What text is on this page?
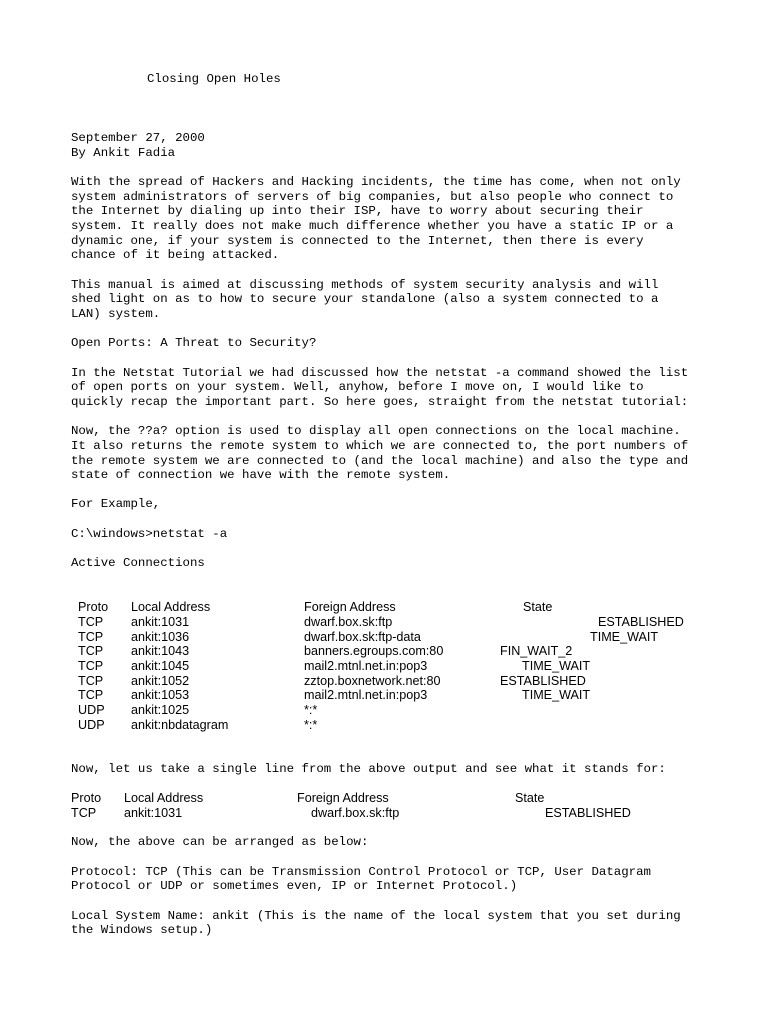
Closing Open Holes
September 27, 2000
By Ankit Fadia
With the spread of Hackers and Hacking incidents, the time has come, when not only
system administrators of servers of big companies, but also people who connect to
the Internet by dialing up into their ISP, have to worry about securing their
system. It really does not make much difference whether you have a static IP or a
dynamic one, if your system is connected to the Internet, then there is every
chance of it being attacked.
This manual is aimed at discussing methods of system security analysis and will
shed light on as to how to secure your standalone (also a system connected to a
LAN) system.
Open Ports: A Threat to Security?
In the Netstat Tutorial we had discussed how the netstat -a command showed the list
of open ports on your system. Well, anyhow, before I move on, I would like to
quickly recap the important part. So here goes, straight from the netstat tutorial:
Now, the ??a? option is used to display all open connections on the local machine.
It also returns the remote system to which we are connected to, the port numbers of
the remote system we are connected to (and the local machine) and also the type and
state of connection we have with the remote system.
For Example,
C:\windows>netstat -a
Active Connections
Proto Local Address	Foreign Address	State
TCP ankit:1031	dwarf.box.sk:ftp	ESTABLISHED
TCP ankit:1036	dwarf.box.sk:ftp-data	TIME_WAIT
TCP ankit:1043	banners.egroups.com:80	FIN_WAIT_2
TCP ankit:1045	mail2.mtnl.net.in:pop3	TIME_WAIT
TCP ankit:1052	zztop.boxnetwork.net:80	ESTABLISHED
TCP ankit:1053	mail2.mtnl.net.in:pop3	TIME_WAIT
UDP ankit:1025	*:*
UDP ankit:nbdatagram	*:*
Now, let us take a single line from the above output and see what it stands for:
Proto Local Address	Foreign Address	State
TCP ankit:1031	dwarf.box.sk:ftp	ESTABLISHED
Now, the above can be arranged as below:
Protocol: TCP (This can be Transmission Control Protocol or TCP, User Datagram
Protocol or UDP or sometimes even, IP or Internet Protocol.)
Local System Name: ankit (This is the name of the local system that you set during
the Windows setup.)
